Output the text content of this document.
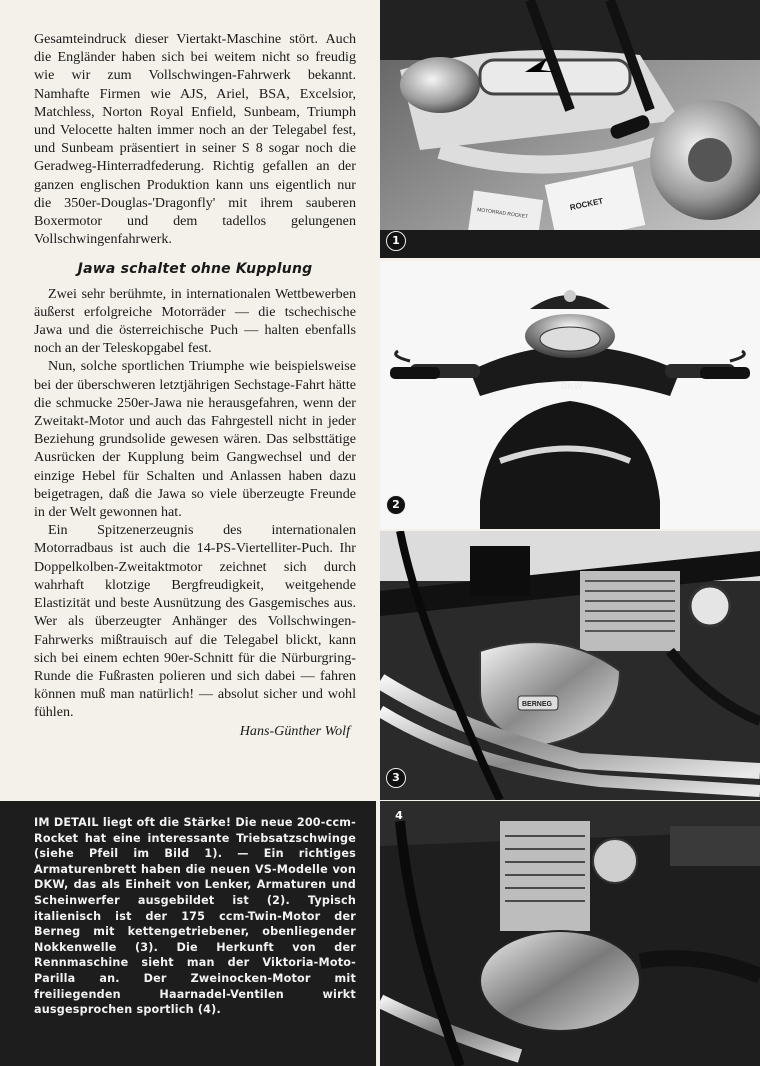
Gesamteindruck dieser Viertakt-Maschine stört. Auch die Engländer haben sich bei weitem nicht so freudig wie wir zum Vollschwingen-Fahrwerk bekannt. Namhafte Firmen wie AJS, Ariel, BSA, Excelsior, Matchless, Norton Royal Enfield, Sunbeam, Triumph und Velocette halten immer noch an der Telegabel fest, und Sunbeam präsentiert in seiner S 8 sogar noch die Geradweg-Hinterradfederung. Richtig gefallen an der ganzen englischen Produktion kann uns eigentlich nur die 350er-Douglas-'Dragonfly' mit ihrem sauberen Boxermotor und dem tadellos gelungenen Vollschwingenfahrwerk.

Jawa schaltet ohne Kupplung

Zwei sehr berühmte, in internationalen Wettbewerben äußerst erfolgreiche Motorräder — die tschechische Jawa und die österreichische Puch — halten ebenfalls noch an der Teleskopgabel fest.

Nun, solche sportlichen Triumphe wie beispielsweise bei der überschweren letztjährigen Sechstage-Fahrt hätte die schmucke 250er-Jawa nie herausgefahren, wenn der Zweitakt-Motor und auch das Fahrgestell nicht in jeder Beziehung grundsolide gewesen wären. Das selbsttätige Ausrücken der Kupplung beim Gangwechsel und der einzige Hebel für Schalten und Anlassen haben dazu beigetragen, daß die Jawa so viele überzeugte Freunde in der Welt gewonnen hat.

Ein Spitzenerzeugnis des internationalen Motorradbaus ist auch die 14-PS-Viertelliter-Puch. Ihr Doppelkolben-Zweitaktmotor zeichnet sich durch wahrhaft klotzige Bergfreudigkeit, weitgehende Elastizität und beste Ausnützung des Gasgemisches aus. Wer als überzeugter Anhänger des Vollschwingen-Fahrwerks mißtrauisch auf die Telegabel blickt, kann sich bei einem echten 90er-Schnitt für die Nürburgring-Runde die Fußrasten polieren und sich dabei — fahren können muß man natürlich! — absolut sicher und wohl fühlen.

Hans-Günther Wolf

IM DETAIL liegt oft die Stärke! Die neue 200-ccm-Rocket hat eine interessante Triebsatzschwinge (siehe Pfeil im Bild 1). — Ein richtiges Armaturenbrett haben die neuen VS-Modelle von DKW, das als Einheit von Lenker, Armaturen und Scheinwerfer ausgebildet ist (2). Typisch italienisch ist der 175 ccm-Twin-Motor der Berneg mit kettengetriebener, obenliegender Nokkenwelle (3). Die Herkunft von der Rennmaschine sieht man der Viktoria-Moto-Parilla an. Der Zweinocken-Motor mit freiliegenden Haarnadel-Ventilen wirkt ausgesprochen sportlich (4).
ROCKET
MOTORRAD ROCKET
1
DKW
2
BERNEG
3
4
